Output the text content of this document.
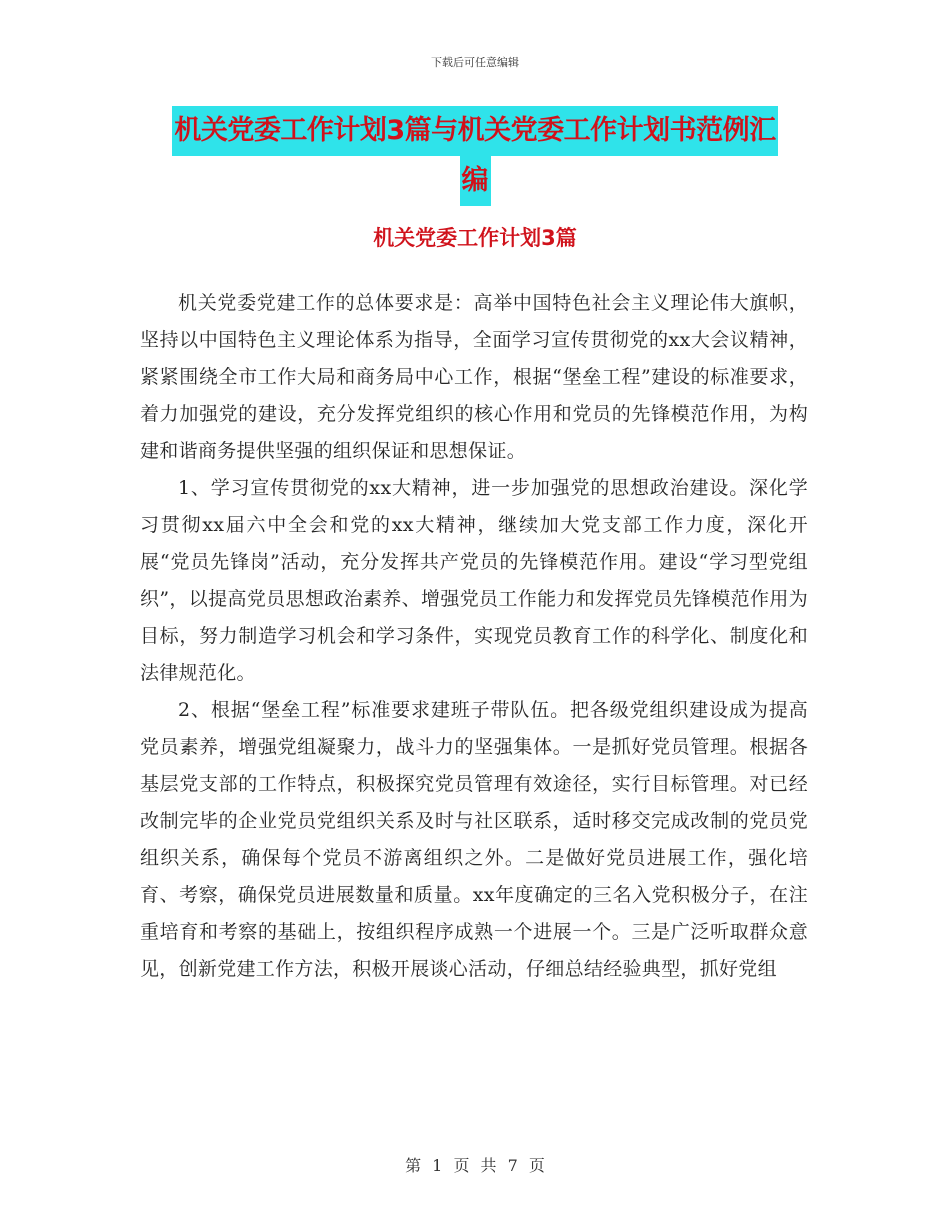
下载后可任意编辑
机关党委工作计划3篇与机关党委工作计划书范例汇
编
机关党委工作计划3篇

机关党委党建工作的总体要求是：高举中国特色社会主义理论伟大旗帜，坚持以中国特色主义理论体系为指导，全面学习宣传贯彻党的xx大会议精神，紧紧围绕全市工作大局和商务局中心工作，根据“堡垒工程”建设的标准要求，着力加强党的建设，充分发挥党组织的核心作用和党员的先锋模范作用，为构建和谐商务提供坚强的组织保证和思想保证。

1、学习宣传贯彻党的xx大精神，进一步加强党的思想政治建设。深化学习贯彻xx届六中全会和党的xx大精神，继续加大党支部工作力度，深化开展“党员先锋岗”活动，充分发挥共产党员的先锋模范作用。建设“学习型党组织”，以提高党员思想政治素养、增强党员工作能力和发挥党员先锋模范作用为目标，努力制造学习机会和学习条件，实现党员教育工作的科学化、制度化和法律规范化。

2、根据“堡垒工程”标准要求建班子带队伍。把各级党组织建设成为提高党员素养，增强党组凝聚力，战斗力的坚强集体。一是抓好党员管理。根据各基层党支部的工作特点，积极探究党员管理有效途径，实行目标管理。对已经改制完毕的企业党员党组织关系及时与社区联系，适时移交完成改制的党员党组织关系，确保每个党员不游离组织之外。二是做好党员进展工作，强化培育、考察，确保党员进展数量和质量。xx年度确定的三名入党积极分子，在注重培育和考察的基础上，按组织程序成熟一个进展一个。三是广泛听取群众意见，创新党建工作方法，积极开展谈心活动，仔细总结经验典型，抓好党组

第 1 页 共 7 页
